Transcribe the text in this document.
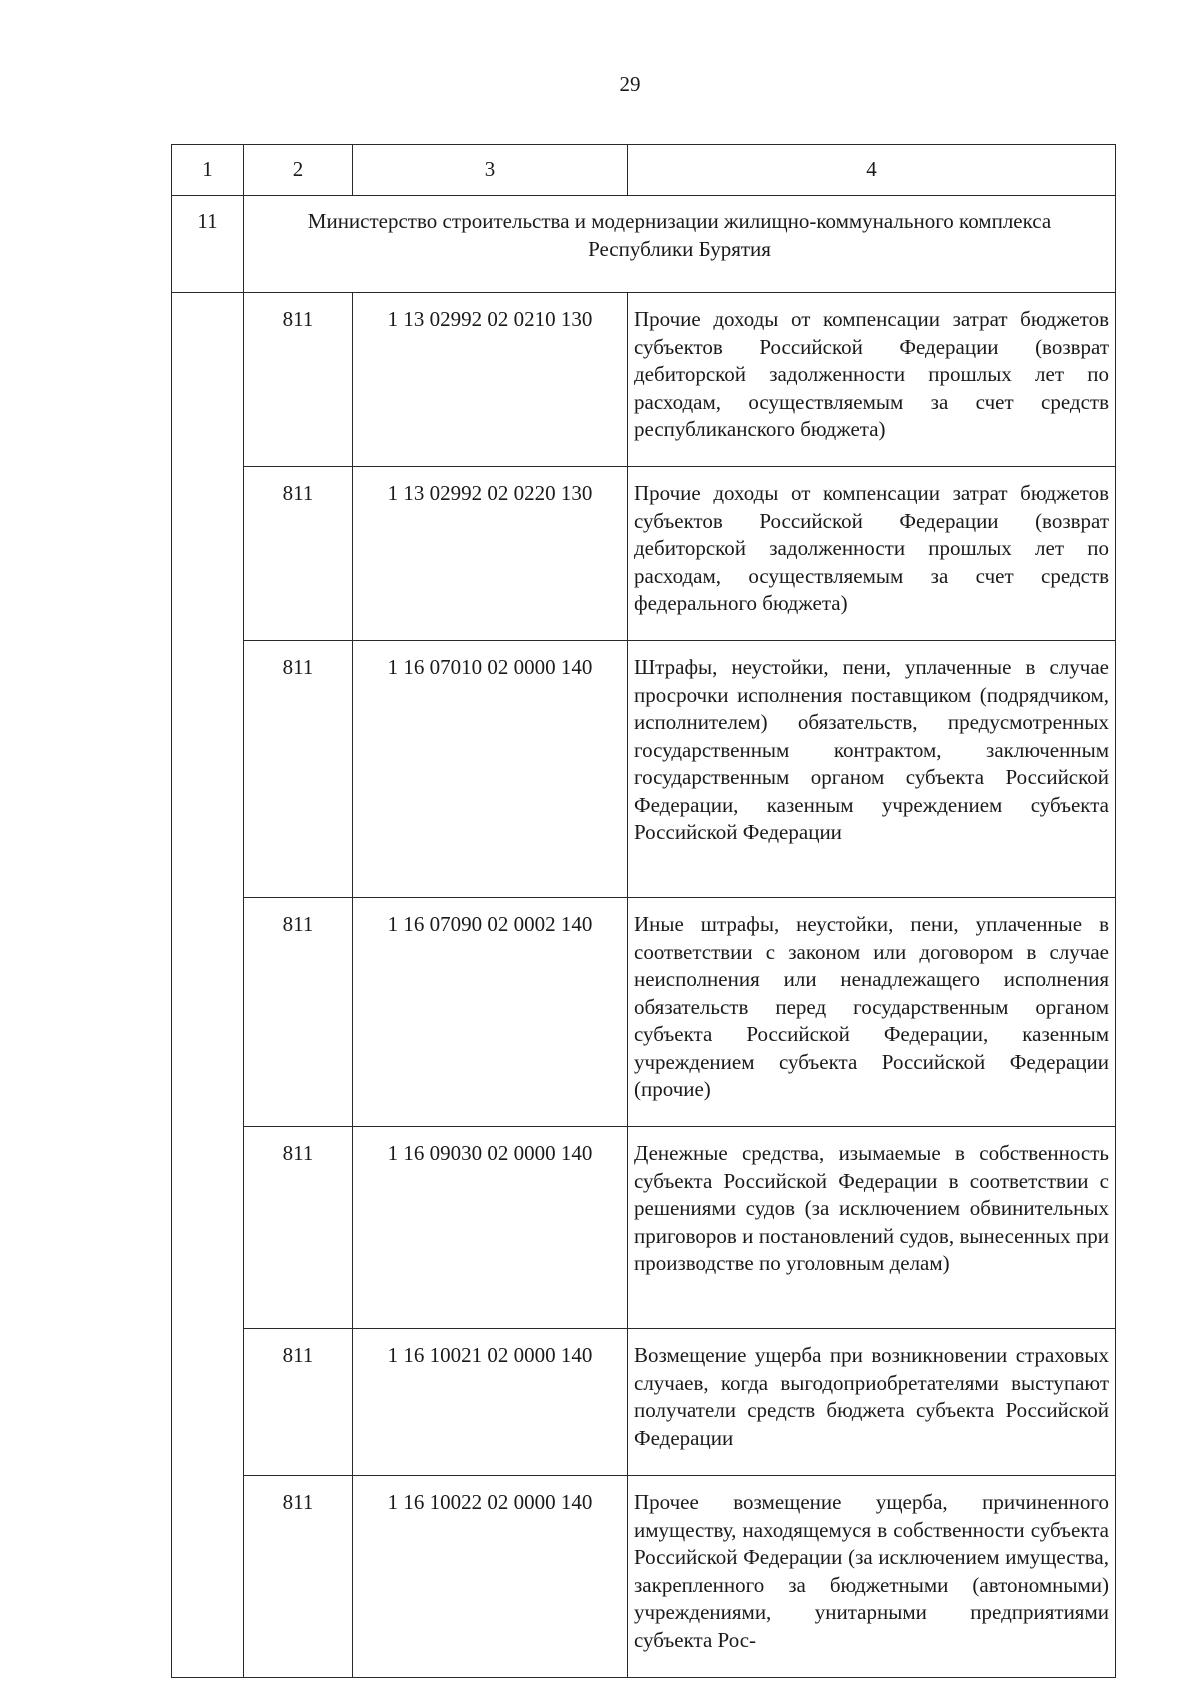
29
1	2	3	4
11	Министерство строительства и модернизации жилищно-коммунального комплекса Республики Бурятия		
	811	1 13 02992 02 0210 130	Прочие доходы от компенсации затрат бюджетов субъектов Российской Федерации (возврат дебиторской задолженности прошлых лет по расходам, осуществляемым за счет средств республиканского бюджета)
	811	1 13 02992 02 0220 130	Прочие доходы от компенсации затрат бюджетов субъектов Российской Федерации (возврат дебиторской задолженности прошлых лет по расходам, осуществляемым за счет средств федерального бюджета)
	811	1 16 07010 02 0000 140	Штрафы, неустойки, пени, уплаченные в случае просрочки исполнения поставщиком (подрядчиком, исполнителем) обязательств, предусмотренных государственным контрактом, заключенным государственным органом субъекта Российской Федерации, казенным учреждением субъекта Российской Федерации
	811	1 16 07090 02 0002 140	Иные штрафы, неустойки, пени, уплаченные в соответствии с законом или договором в случае неисполнения или ненадлежащего исполнения обязательств перед государственным органом субъекта Российской Федерации, казенным учреждением субъекта Российской Федерации (прочие)
	811	1 16 09030 02 0000 140	Денежные средства, изымаемые в собственность субъекта Российской Федерации в соответствии с решениями судов (за исключением обвинительных приговоров и постановлений судов, вынесенных при производстве по уголовным делам)
	811	1 16 10021 02 0000 140	Возмещение ущерба при возникновении страховых случаев, когда выгодоприобретателями выступают получатели средств бюджета субъекта Российской Федерации
	811	1 16 10022 02 0000 140	Прочее возмещение ущерба, причиненного имуществу, находящемуся в собственности субъекта Российской Федерации (за исключением имущества, закрепленного за бюджетными (автономными) учреждениями, унитарными предприятиями субъекта Рос-
